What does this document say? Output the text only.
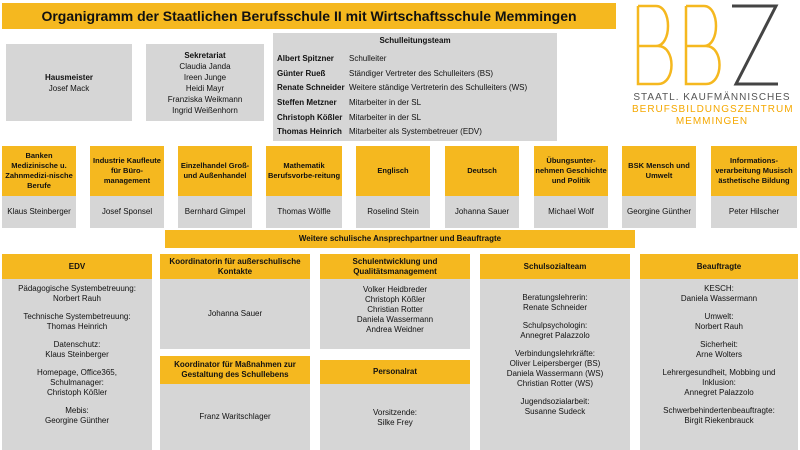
Organigramm der Staatlichen Berufsschule II mit Wirtschaftsschule Memmingen
BBZ
STAATL. KAUFMÄNNISCHES
BERUFSBILDUNGSZENTRUM
MEMMINGEN
Hausmeister
Josef Mack
Sekretariat
Claudia Janda
Ireen Junge
Heidi Mayr
Franziska Weikmann
Ingrid Weißenhorn
Schulleitungsteam
Albert Spitzner Schulleiter
Günter Rueß	Ständiger Vertreter des Schulleiters (BS)
Renate Schneider Weitere ständige Vertreterin des Schulleiters (WS)
Steffen Metzner Mitarbeiter in der SL
Christoph Kößler Mitarbeiter in der SL
Thomas Heinrich Mitarbeiter als Systembetreuer (EDV)
Banken Medizinische u. Zahnmedizi-nische Berufe
Klaus Steinberger
Industrie Kaufleute für Büro-management
Josef Sponsel
Einzelhandel Groß- und Außenhandel
Bernhard Gimpel
Mathematik Berufsvorbe-reitung
Thomas Wölfle
Englisch
Roselind Stein
Deutsch
Johanna Sauer
Übungsunter-nehmen Geschichte und Politik
Michael Wolf
BSK Mensch und Umwelt
Georgine Günther
Informations-verarbeitung Musisch ästhetische Bildung
Peter Hilscher
Weitere schulische Ansprechpartner und Beauftragte
EDV

Pädagogische Systembetreuung:

Norbert Rauh

Technische Systembetreuung:

Thomas Heinrich

Datenschutz:

Klaus Steinberger

Homepage, Office365,

Schulmanager:

Christoph Kößler

Mebis:

Georgine Günther

Koordinatorin für außerschulische Kontakte
Johanna Sauer
Koordinator für Maßnahmen zur Gestaltung des Schullebens
Franz Waritschlager
Schulentwicklung und Qualitätsmanagement

Volker Heidbreder

Christoph Kößler

Christian Rotter

Daniela Wassermann

Andrea Weidner

Personalrat

Vorsitzende:

Silke Frey

Schulsozialteam

Beratungslehrerin:

Renate Schneider

Schulpsychologin:

Annegret Palazzolo

Verbindungslehrkräfte:

Oliver Leipersberger (BS)

Daniela Wassermann (WS)

Christian Rotter (WS)

Jugendsozialarbeit:

Susanne Sudeck

Beauftragte

KESCH:

Daniela Wassermann

Umwelt:

Norbert Rauh

Sicherheit:

Arne Wolters

Lehrergesundheit, Mobbing und

Inklusion:

Annegret Palazzolo

Schwerbehindertenbeauftragte:

Birgit Riekenbrauck
